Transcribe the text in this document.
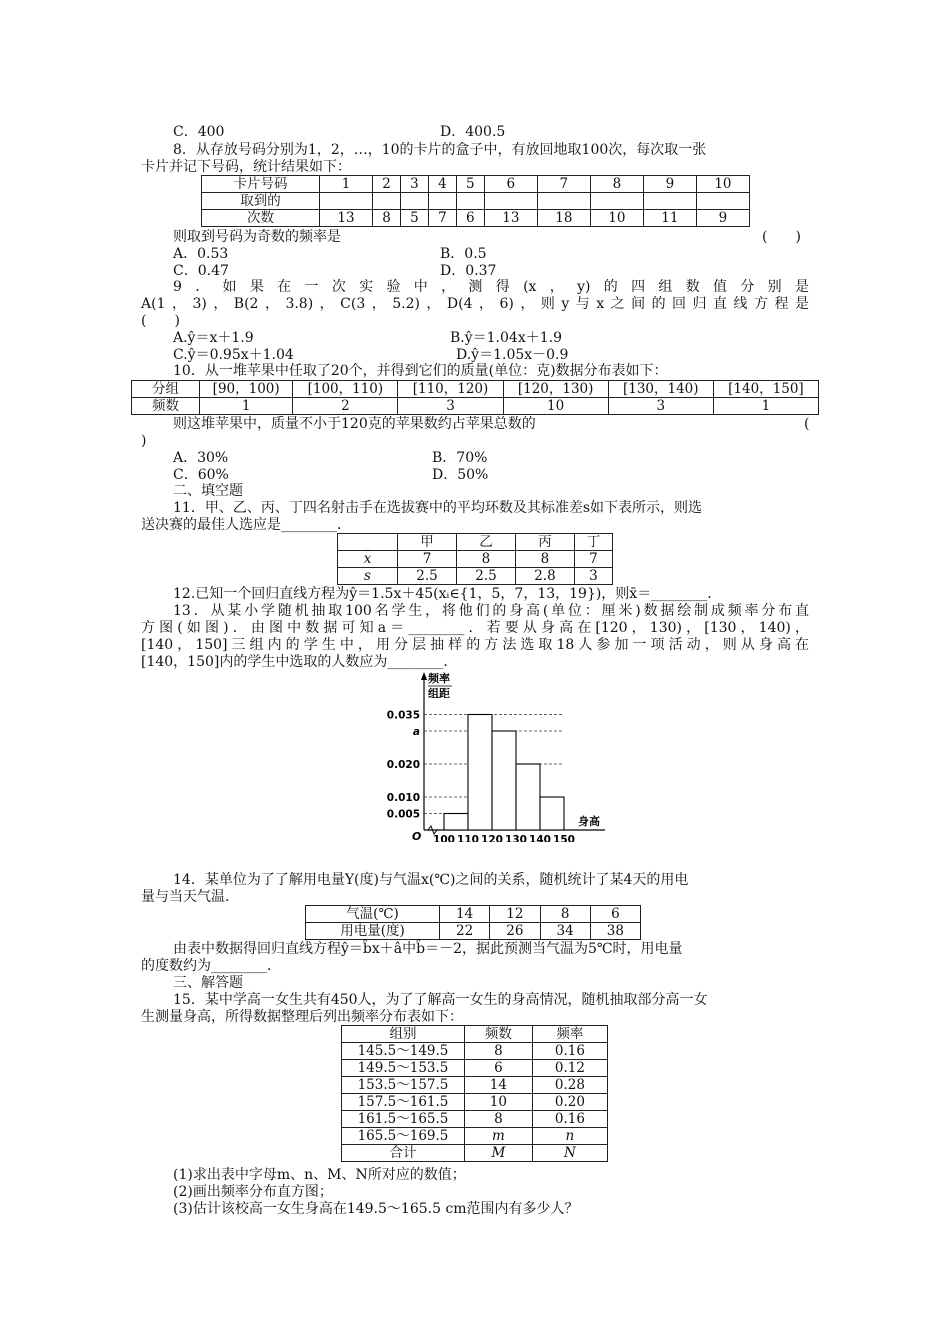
C．400	D．400.5
8．从存放号码分别为1，2，…，10的卡片的盒子中，有放回地取100次，每次取一张
卡片并记下号码，统计结果如下：
卡片号码	1	2	3	4	5	6	7	8	9	10
取到的										
次数	13	8	5	7	6	13	18	10	11	9
则取到号码为奇数的频率是	(　　)
A．0.53	B．0.5
C．0.47	D．0.37
9．如果在一次实验中，测得(x，y)的四组数值分别是
A(1，3)，B(2，3.8)，C(3，5.2)，D(4，6)，则y与x之间的回归直线方程是
(　　)
A.ŷ＝x＋1.9	B.ŷ＝1.04x＋1.9
C.ŷ＝0.95x＋1.04	D.ŷ＝1.05x－0.9
10．从一堆苹果中任取了20个，并得到它们的质量(单位：克)数据分布表如下：
分组	[90，100)	[100，110)	[110，120)	[120，130)	[130，140)	[140，150]
频数	1	2	3	10	3	1
则这堆苹果中，质量不小于120克的苹果数约占苹果总数的	(
)
A．30%	B．70%
C．60%	D．50%
二、填空题
11．甲、乙、丙、丁四名射击手在选拔赛中的平均环数及其标准差s如下表所示，则选
送决赛的最佳人选应是________．
	甲	乙	丙	丁
$\overline{x}$	7	8	8	7
s	2.5	2.5	2.8	3
12.已知一个回归直线方程为ŷ＝1.5x＋45(xᵢ∈{1，5，7，13，19})，则x̄＝________．
13．从某小学随机抽取100名学生，将他们的身高(单位：厘米)数据绘制成频率分布直
方图(如图)．由图中数据可知a＝________．若要从身高在[120，130)，[130，140)，
[140，150]三组内的学生中，用分层抽样的方法选取18人参加一项活动，则从身高在
[140，150]内的学生中选取的人数应为________．
频率
组距
O
0.005
0.010
0.020
a
0.035
100 110 120 130 140 150
身高
14．某单位为了了解用电量Y(度)与气温x(℃)之间的关系，随机统计了某4天的用电
量与当天气温．
气温(℃)	14	12	8	6
用电量(度)	22	26	34	38
由表中数据得回归直线方程ŷ＝b̂x＋â中b̂＝－2，据此预测当气温为5℃时，用电量
的度数约为________．
三、解答题
15．某中学高一女生共有450人，为了了解高一女生的身高情况，随机抽取部分高一女
生测量身高，所得数据整理后列出频率分布表如下：
组别	频数	频率
145.5～149.5	8	0.16
149.5～153.5	6	0.12
153.5～157.5	14	0.28
157.5～161.5	10	0.20
161.5～165.5	8	0.16
165.5～169.5	m	n
合计	M	N
(1)求出表中字母m、n、M、N所对应的数值；
(2)画出频率分布直方图；
(3)估计该校高一女生身高在149.5～165.5 cm范围内有多少人？
